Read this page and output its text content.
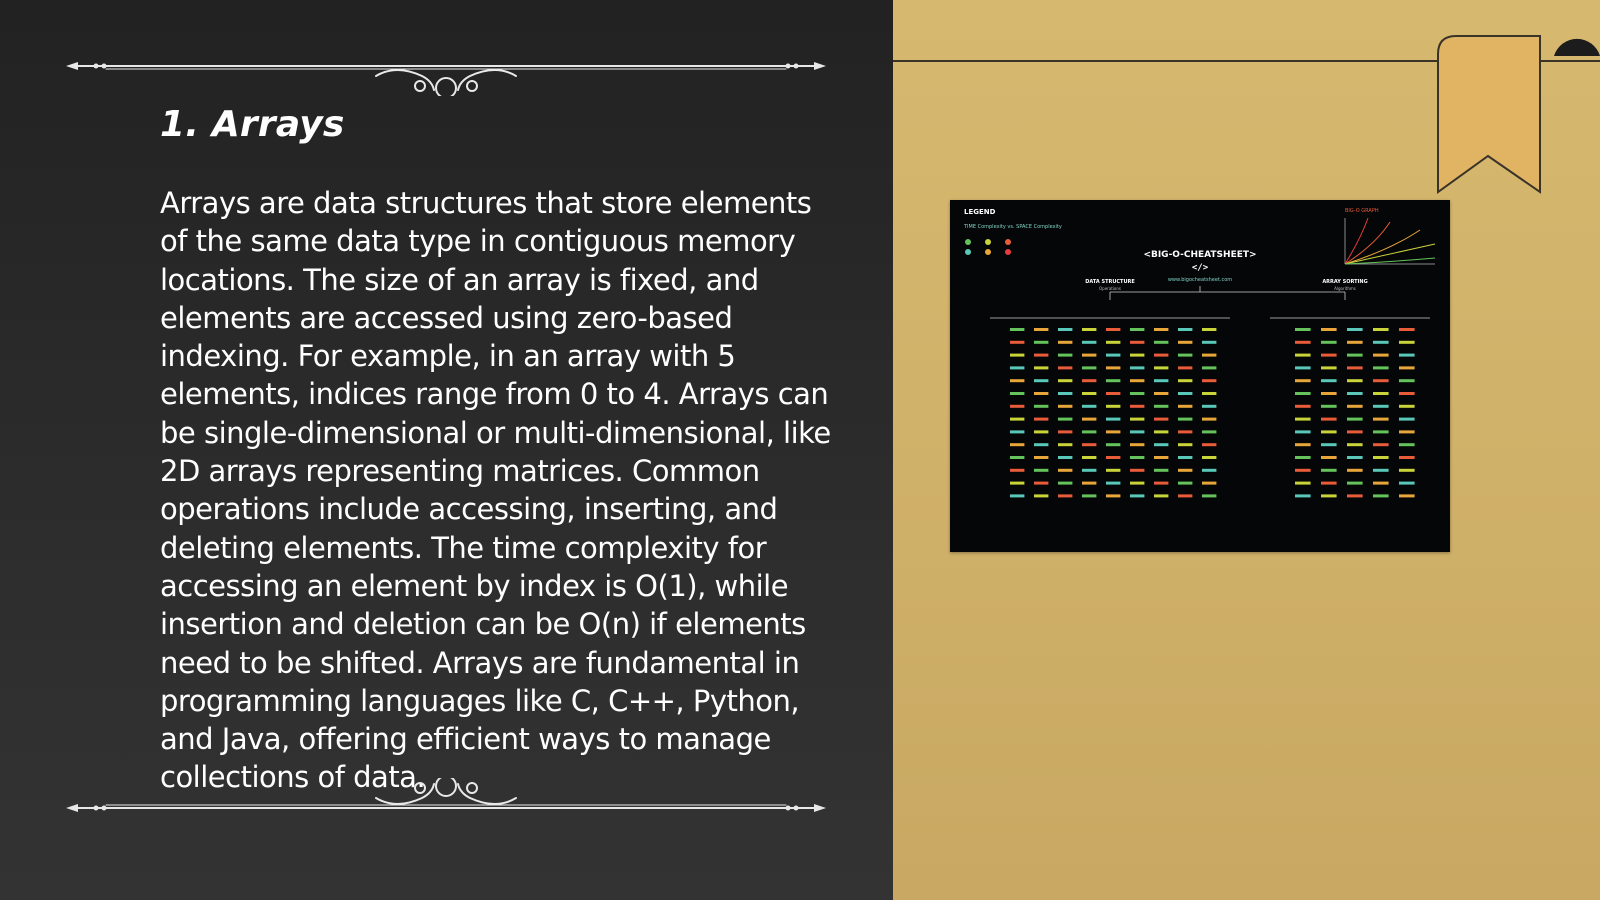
1. Arrays

Arrays are data structures that store elements of the same data type in contiguous memory locations. The size of an array is fixed, and elements are accessed using zero-based indexing. For example, in an array with 5 elements, indices range from 0 to 4. Arrays can be single-dimensional or multi-dimensional, like 2D arrays representing matrices. Common operations include accessing, inserting, and deleting elements. The time complexity for accessing an element by index is O(1), while insertion and deletion can be O(n) if elements need to be shifted. Arrays are fundamental in programming languages like C, C++, Python, and Java, offering efficient ways to manage collections of data.

LEGEND
TIME Complexity vs. SPACE Complexity
<BIG-O-CHEATSHEET>
</>
www.bigocheatsheet.com
BIG-O GRAPH
DATA STRUCTURE
Operations
ARRAY SORTING
Algorithms
